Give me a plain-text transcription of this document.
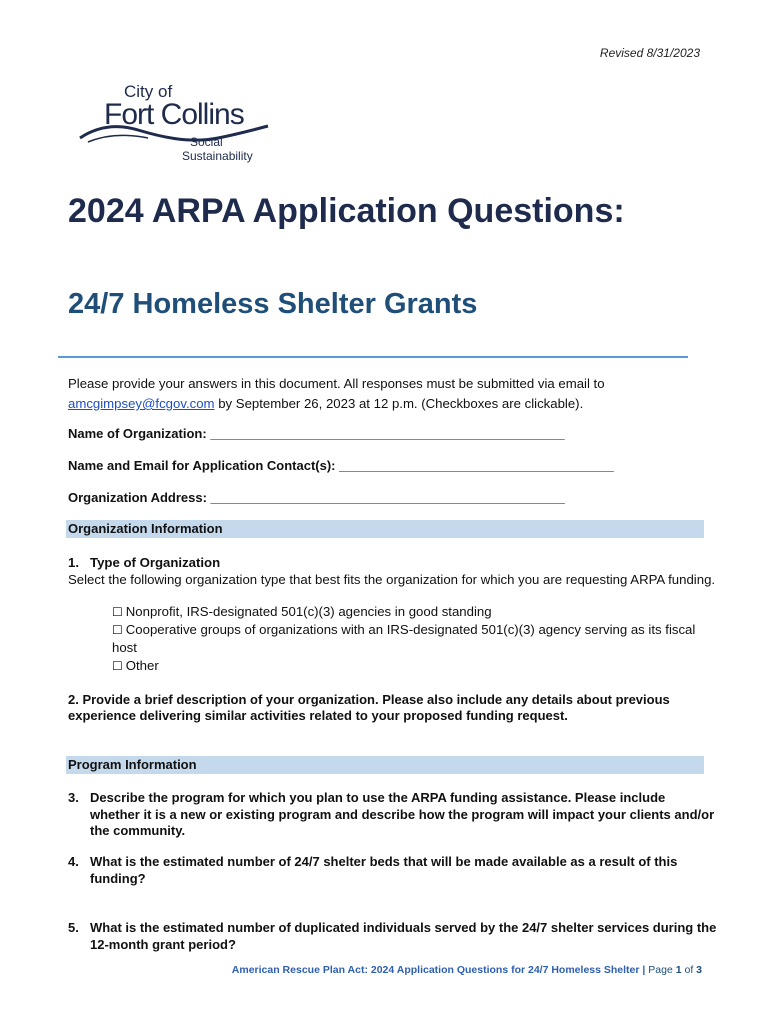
Revised 8/31/2023
City of
Fort Collins
Social
Sustainability
2024 ARPA Application Questions:
24/7 Homeless Shelter Grants
Please provide your answers in this document. All responses must be submitted via email to
amcgimpsey@fcgov.com by September 26, 2023 at 12 p.m. (Checkboxes are clickable).
Name of Organization: _________________________________________________
Name and Email for Application Contact(s): ______________________________________
Organization Address: _________________________________________________
Organization Information
1. Type of Organization
Select the following organization type that best fits the organization for which you are requesting ARPA funding.
☐ Nonprofit, IRS-designated 501(c)(3) agencies in good standing
☐ Cooperative groups of organizations with an IRS-designated 501(c)(3) agency serving as its fiscal host
☐ Other
2. Provide a brief description of your organization. Please also include any details about previous experience delivering similar activities related to your proposed funding request.
Program Information
3. Describe the program for which you plan to use the ARPA funding assistance. Please include whether it is a new or existing program and describe how the program will impact your clients and/or the community.
4. What is the estimated number of 24/7 shelter beds that will be made available as a result of this funding?
5. What is the estimated number of duplicated individuals served by the 24/7 shelter services during the 12-month grant period?
American Rescue Plan Act: 2024 Application Questions for 24/7 Homeless Shelter | Page 1 of 3
